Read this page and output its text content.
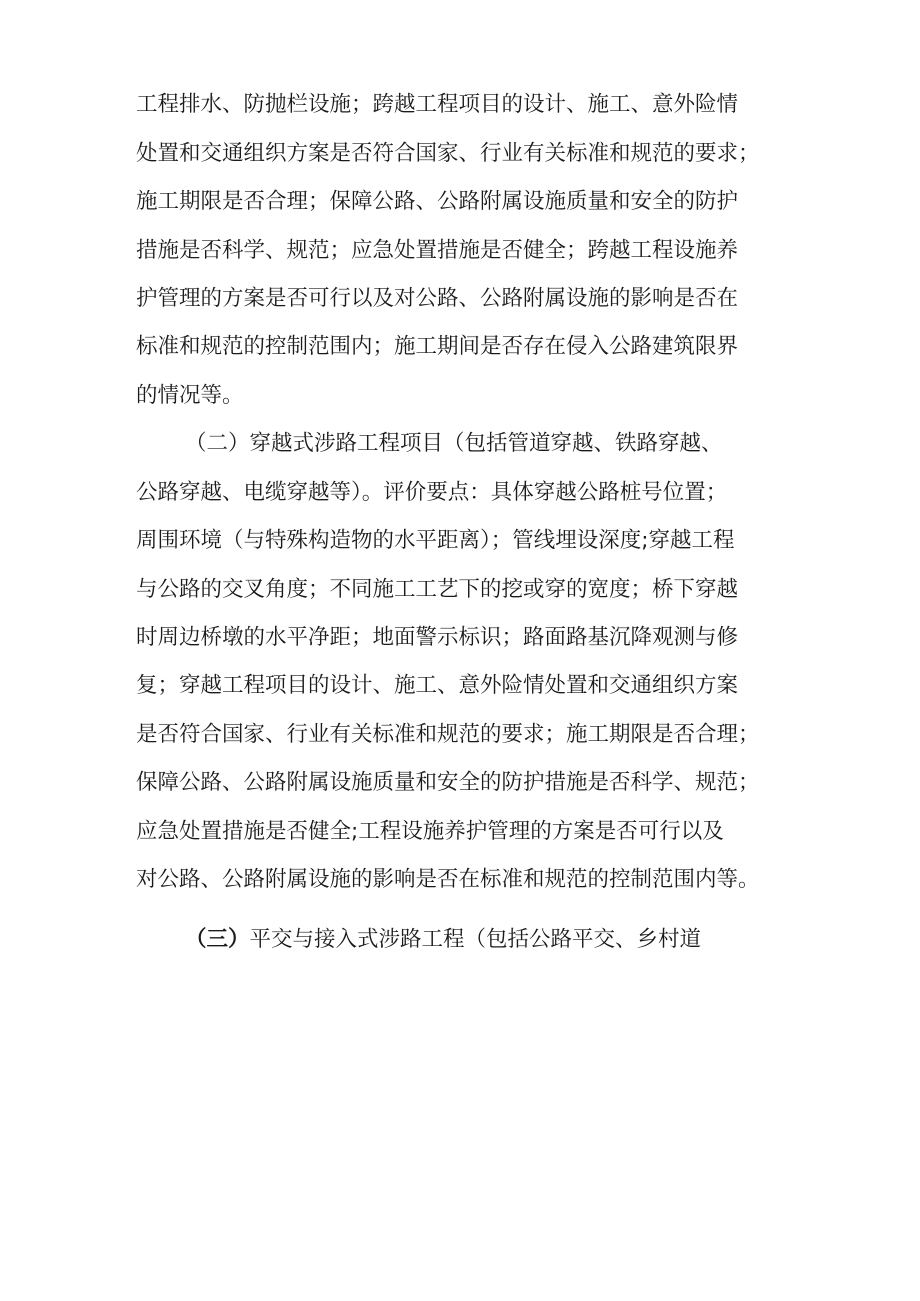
工程排水、防抛栏设施；跨越工程项目的设计、施工、意外险情
处置和交通组织方案是否符合国家、行业有关标准和规范的要求；
施工期限是否合理；保障公路、公路附属设施质量和安全的防护
措施是否科学、规范；应急处置措施是否健全；跨越工程设施养
护管理的方案是否可行以及对公路、公路附属设施的影响是否在
标准和规范的控制范围内；施工期间是否存在侵入公路建筑限界
的情况等。
（二）穿越式涉路工程项目（包括管道穿越、铁路穿越、
公路穿越、电缆穿越等）。评价要点：具体穿越公路桩号位置；
周围环境（与特殊构造物的水平距离）；管线埋设深度;穿越工程
与公路的交叉角度；不同施工工艺下的挖或穿的宽度；桥下穿越
时周边桥墩的水平净距；地面警示标识；路面路基沉降观测与修
复；穿越工程项目的设计、施工、意外险情处置和交通组织方案
是否符合国家、行业有关标准和规范的要求；施工期限是否合理；
保障公路、公路附属设施质量和安全的防护措施是否科学、规范；
应急处置措施是否健全;工程设施养护管理的方案是否可行以及
对公路、公路附属设施的影响是否在标准和规范的控制范围内等。
（三）平交与接入式涉路工程（包括公路平交、乡村道
